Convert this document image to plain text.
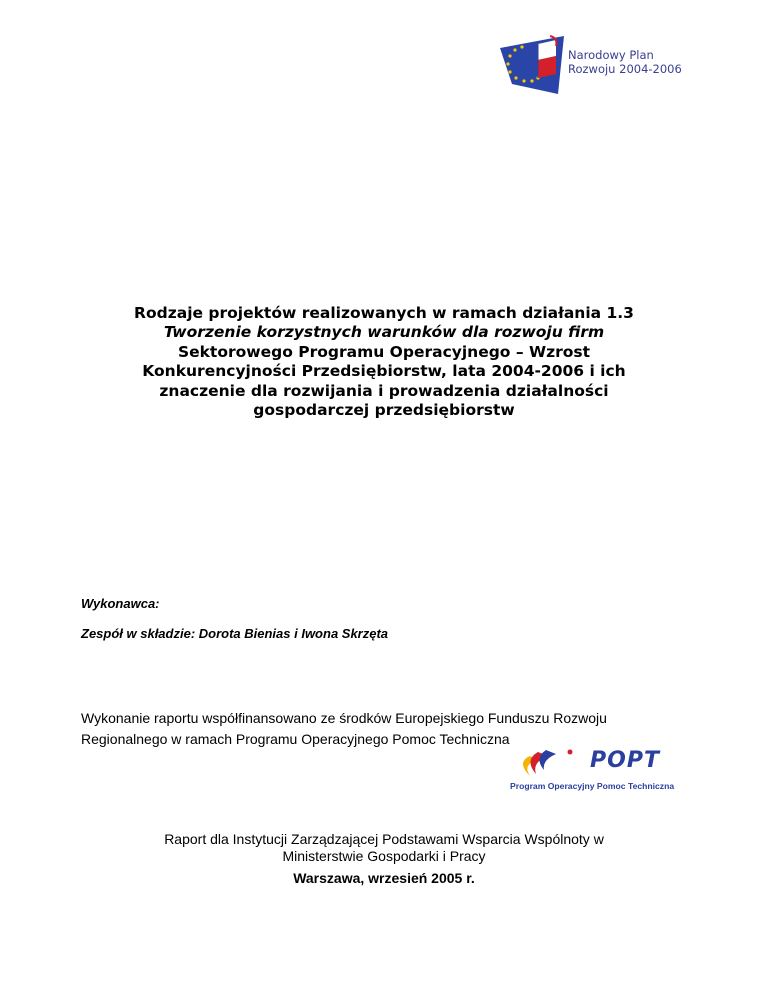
Narodowy Plan
Rozwoju 2004-2006
Rodzaje projektów realizowanych w ramach działania 1.3
Tworzenie korzystnych warunków dla rozwoju firm
Sektorowego Programu Operacyjnego – Wzrost
Konkurencyjności Przedsiębiorstw, lata 2004-2006 i ich
znaczenie dla rozwijania i prowadzenia działalności
gospodarczej przedsiębiorstw
Wykonawca:
Zespół w składzie: Dorota Bienias i Iwona Skrzęta
Wykonanie raportu współfinansowano ze środków Europejskiego Funduszu Rozwoju
Regionalnego w ramach Programu Operacyjnego Pomoc Techniczna
POPT
Program Operacyjny Pomoc Techniczna
Raport dla Instytucji Zarządzającej Podstawami Wsparcia Wspólnoty w
Ministerstwie Gospodarki i Pracy
Warszawa, wrzesień 2005 r.
